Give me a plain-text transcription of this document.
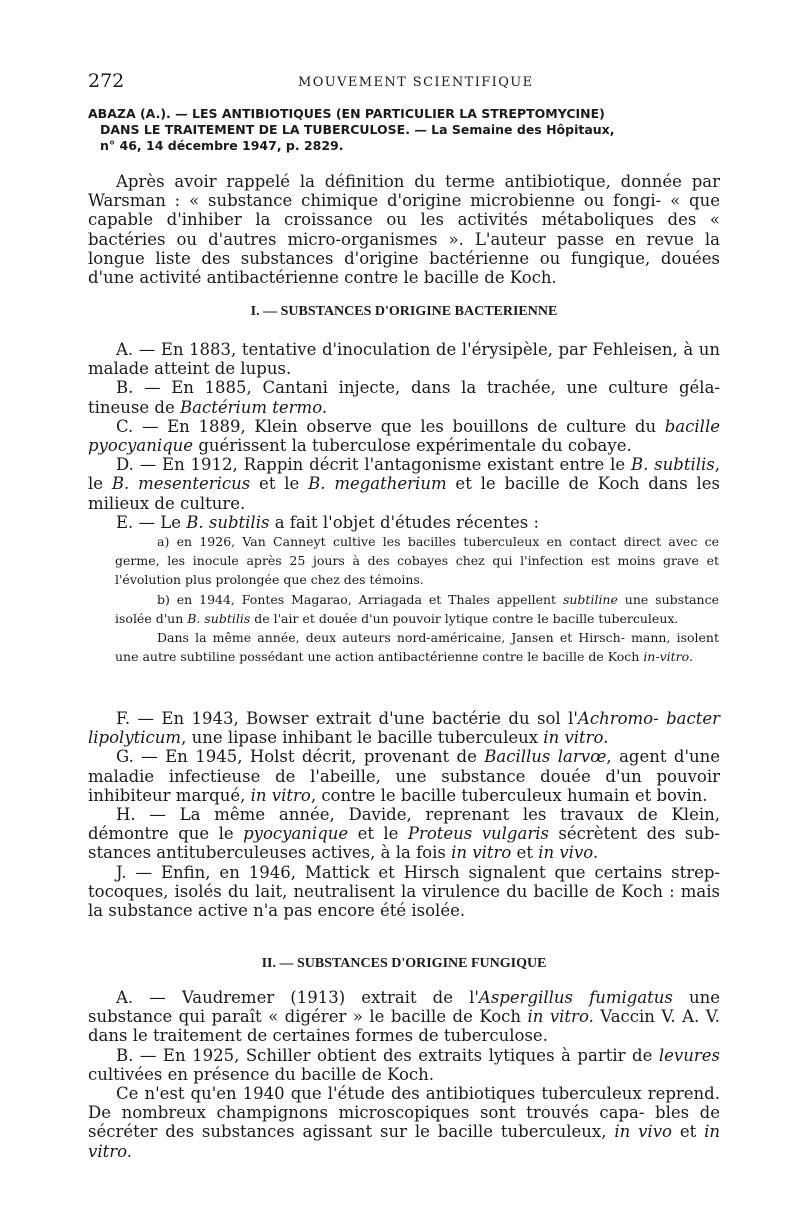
272	MOUVEMENT SCIENTIFIQUE
ABAZA (A.). — LES ANTIBIOTIQUES (EN PARTICULIER LA STREPTOMYCINE)
DANS LE TRAITEMENT DE LA TUBERCULOSE. — La Semaine des Hôpitaux,
n° 46, 14 décembre 1947, p. 2829.

Après avoir rappelé la définition du terme antibiotique, donnée par Warsman : « substance chimique d'origine microbienne ou fongi- « que capable d'inhiber la croissance ou les activités métaboliques des « bactéries ou d'autres micro-organismes ». L'auteur passe en revue la longue liste des substances d'origine bactérienne ou fungique, douées d'une activité antibactérienne contre le bacille de Koch.

I. — SUBSTANCES D'ORIGINE BACTERIENNE

A. — En 1883, tentative d'inoculation de l'érysipèle, par Fehleisen, à un malade atteint de lupus.

B. — En 1885, Cantani injecte, dans la trachée, une culture géla- tineuse de Bactérium termo.

C. — En 1889, Klein observe que les bouillons de culture du bacille pyocyanique guérissent la tuberculose expérimentale du cobaye.

D. — En 1912, Rappin décrit l'antagonisme existant entre le B. subtilis, le B. mesentericus et le B. megatherium et le bacille de Koch dans les milieux de culture.

E. — Le B. subtilis a fait l'objet d'études récentes :

a) en 1926, Van Canneyt cultive les bacilles tuberculeux en contact direct avec ce germe, les inocule après 25 jours à des cobayes chez qui l'infection est moins grave et l'évolution plus prolongée que chez des témoins.

b) en 1944, Fontes Magarao, Arriagada et Thales appellent subtiline une substance isolée d'un B. subtilis de l'air et douée d'un pouvoir lytique contre le bacille tuberculeux.

Dans la même année, deux auteurs nord-américaine, Jansen et Hirsch- mann, isolent une autre subtiline possédant une action antibactérienne contre le bacille de Koch in-vitro.

F. — En 1943, Bowser extrait d'une bactérie du sol l'Achromo- bacter lipolyticum, une lipase inhibant le bacille tuberculeux in vitro.

G. — En 1945, Holst décrit, provenant de Bacillus larvœ, agent d'une maladie infectieuse de l'abeille, une substance douée d'un pouvoir inhibiteur marqué, in vitro, contre le bacille tuberculeux humain et bovin.

H. — La même année, Davide, reprenant les travaux de Klein, démontre que le pyocyanique et le Proteus vulgaris sécrètent des sub- stances antituberculeuses actives, à la fois in vitro et in vivo.

J. — Enfin, en 1946, Mattick et Hirsch signalent que certains strep- tocoques, isolés du lait, neutralisent la virulence du bacille de Koch : mais la substance active n'a pas encore été isolée.

II. — SUBSTANCES D'ORIGINE FUNGIQUE

A. — Vaudremer (1913) extrait de l'Aspergillus fumigatus une substance qui paraît « digérer » le bacille de Koch in vitro. Vaccin V. A. V. dans le traitement de certaines formes de tuberculose.

B. — En 1925, Schiller obtient des extraits lytiques à partir de levures cultivées en présence du bacille de Koch.

Ce n'est qu'en 1940 que l'étude des antibiotiques tuberculeux reprend. De nombreux champignons microscopiques sont trouvés capa- bles de sécréter des substances agissant sur le bacille tuberculeux, in vivo et in vitro.
